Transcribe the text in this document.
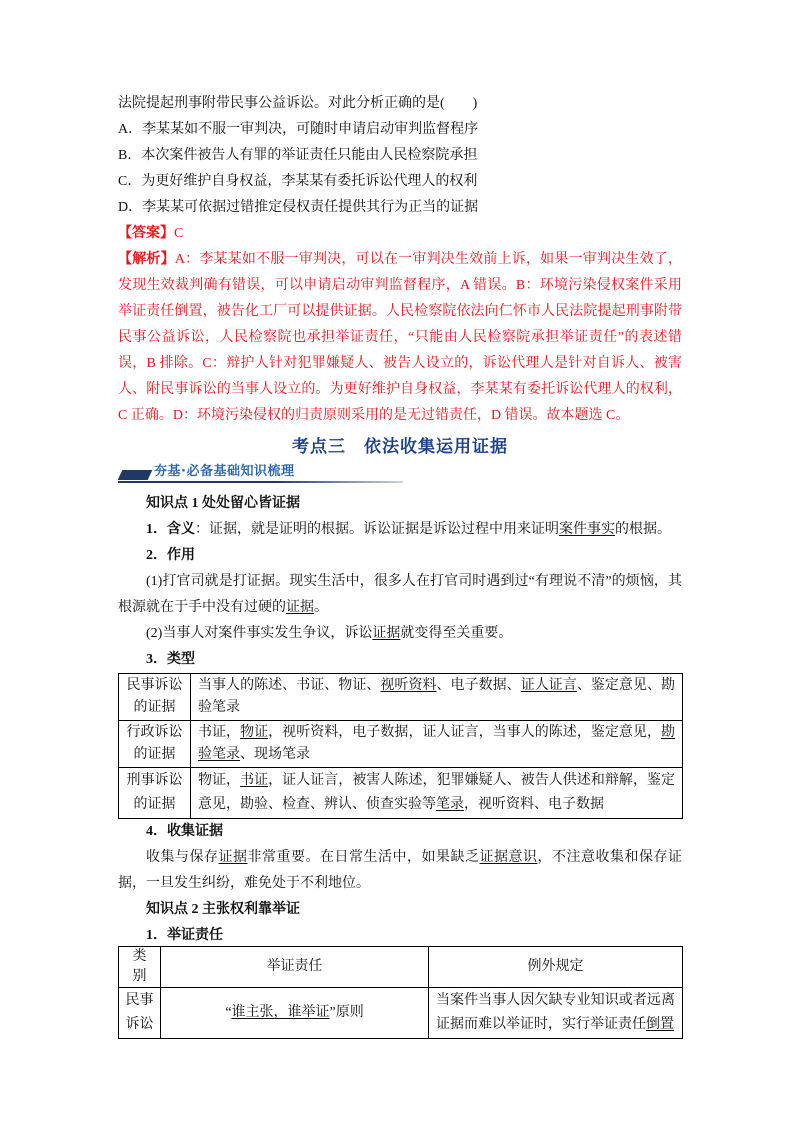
法院提起刑事附带民事公益诉讼。对此分析正确的是(　　)

A．李某某如不服一审判决，可随时申请启动审判监督程序

B．本次案件被告人有罪的举证责任只能由人民检察院承担

C．为更好维护自身权益，李某某有委托诉讼代理人的权利

D．李某某可依据过错推定侵权责任提供其行为正当的证据

【答案】C

【解析】A：李某某如不服一审判决，可以在一审判决生效前上诉，如果一审判决生效了，发现生效裁判确有错误，可以申请启动审判监督程序，A 错误。B：环境污染侵权案件采用举证责任倒置，被告化工厂可以提供证据。人民检察院依法向仁怀市人民法院提起刑事附带民事公益诉讼，人民检察院也承担举证责任，“只能由人民检察院承担举证责任”的表述错误，B 排除。C：辩护人针对犯罪嫌疑人、被告人设立的，诉讼代理人是针对自诉人、被害人、附民事诉讼的当事人设立的。为更好维护自身权益，李某某有委托诉讼代理人的权利，C 正确。D：环境污染侵权的归责原则采用的是无过错责任，D 错误。故本题选 C。

考点三　依法收集运用证据
夯基·必备基础知识梳理

知识点 1 处处留心皆证据

1．含义：证据，就是证明的根据。诉讼证据是诉讼过程中用来证明案件事实的根据。

2．作用

(1)打官司就是打证据。现实生活中，很多人在打官司时遇到过“有理说不清”的烦恼，其根源就在于手中没有过硬的证据。

(2)当事人对案件事实发生争议，诉讼证据就变得至关重要。

3．类型

民事诉讼的证据	当事人的陈述、书证、物证、视听资料、电子数据、证人证言、鉴定意见、勘验笔录
行政诉讼的证据	书证，物证，视听资料，电子数据，证人证言，当事人的陈述，鉴定意见，勘验笔录、现场笔录
刑事诉讼的证据	物证，书证，证人证言，被害人陈述，犯罪嫌疑人、被告人供述和辩解，鉴定意见，勘验、检查、辨认、侦查实验等笔录，视听资料、电子数据

4．收集证据

收集与保存证据非常重要。在日常生活中，如果缺乏证据意识，不注意收集和保存证据，一旦发生纠纷，难免处于不利地位。

知识点 2 主张权利靠举证

1．举证责任

类别	举证责任	例外规定
民事诉讼	“谁主张，谁举证”原则	当案件当事人因欠缺专业知识或者远离证据而难以举证时，实行举证责任倒置
